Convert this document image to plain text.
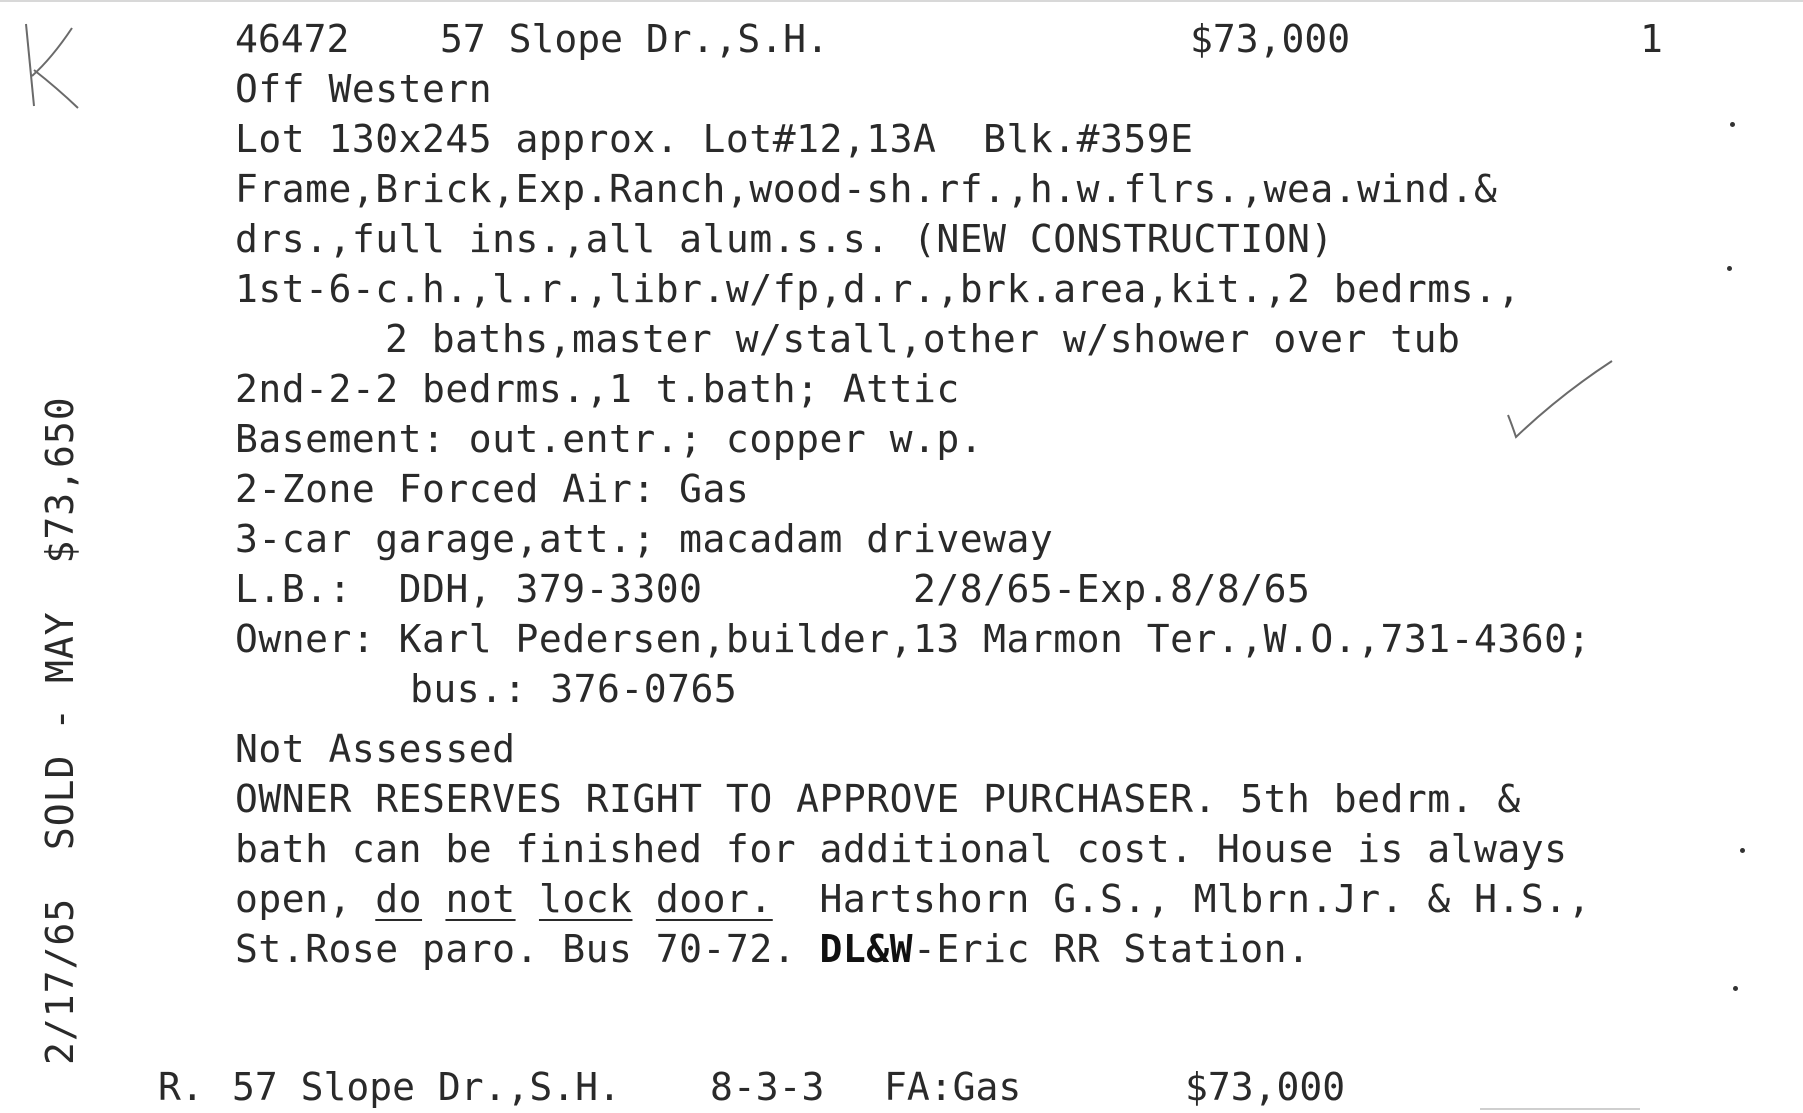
46472 57 Slope Dr.,S.H.	$73,000	1
Off Western
Lot 130x245 approx. Lot#12,13A  Blk.#359E
Frame,Brick,Exp.Ranch,wood-sh.rf.,h.w.flrs.,wea.wind.&
drs.,full ins.,all alum.s.s. (NEW CONSTRUCTION)
1st-6-c.h.,l.r.,libr.w/fp,d.r.,brk.area,kit.,2 bedrms.,
2 baths,master w/stall,other w/shower over tub
2nd-2-2 bedrms.,1 t.bath; Attic
Basement: out.entr.; copper w.p.
2-Zone Forced Air: Gas
3-car garage,att.; macadam driveway
L.B.:  DDH, 379-3300         2/8/65-Exp.8/8/65
Owner: Karl Pedersen,builder,13 Marmon Ter.,W.O.,731-4360;
bus.: 376-0765
Not Assessed
OWNER RESERVES RIGHT TO APPROVE PURCHASER. 5th bedrm. &
bath can be finished for additional cost. House is always
open, do not lock door.  Hartshorn G.S., Mlbrn.Jr. & H.S.,
St.Rose paro. Bus 70-72. DL&W-Eric RR Station.
2/17/65  SOLD - MAY  $73,650
R. 57 Slope Dr.,S.H. 8-3-3 FA:Gas	$73,000
